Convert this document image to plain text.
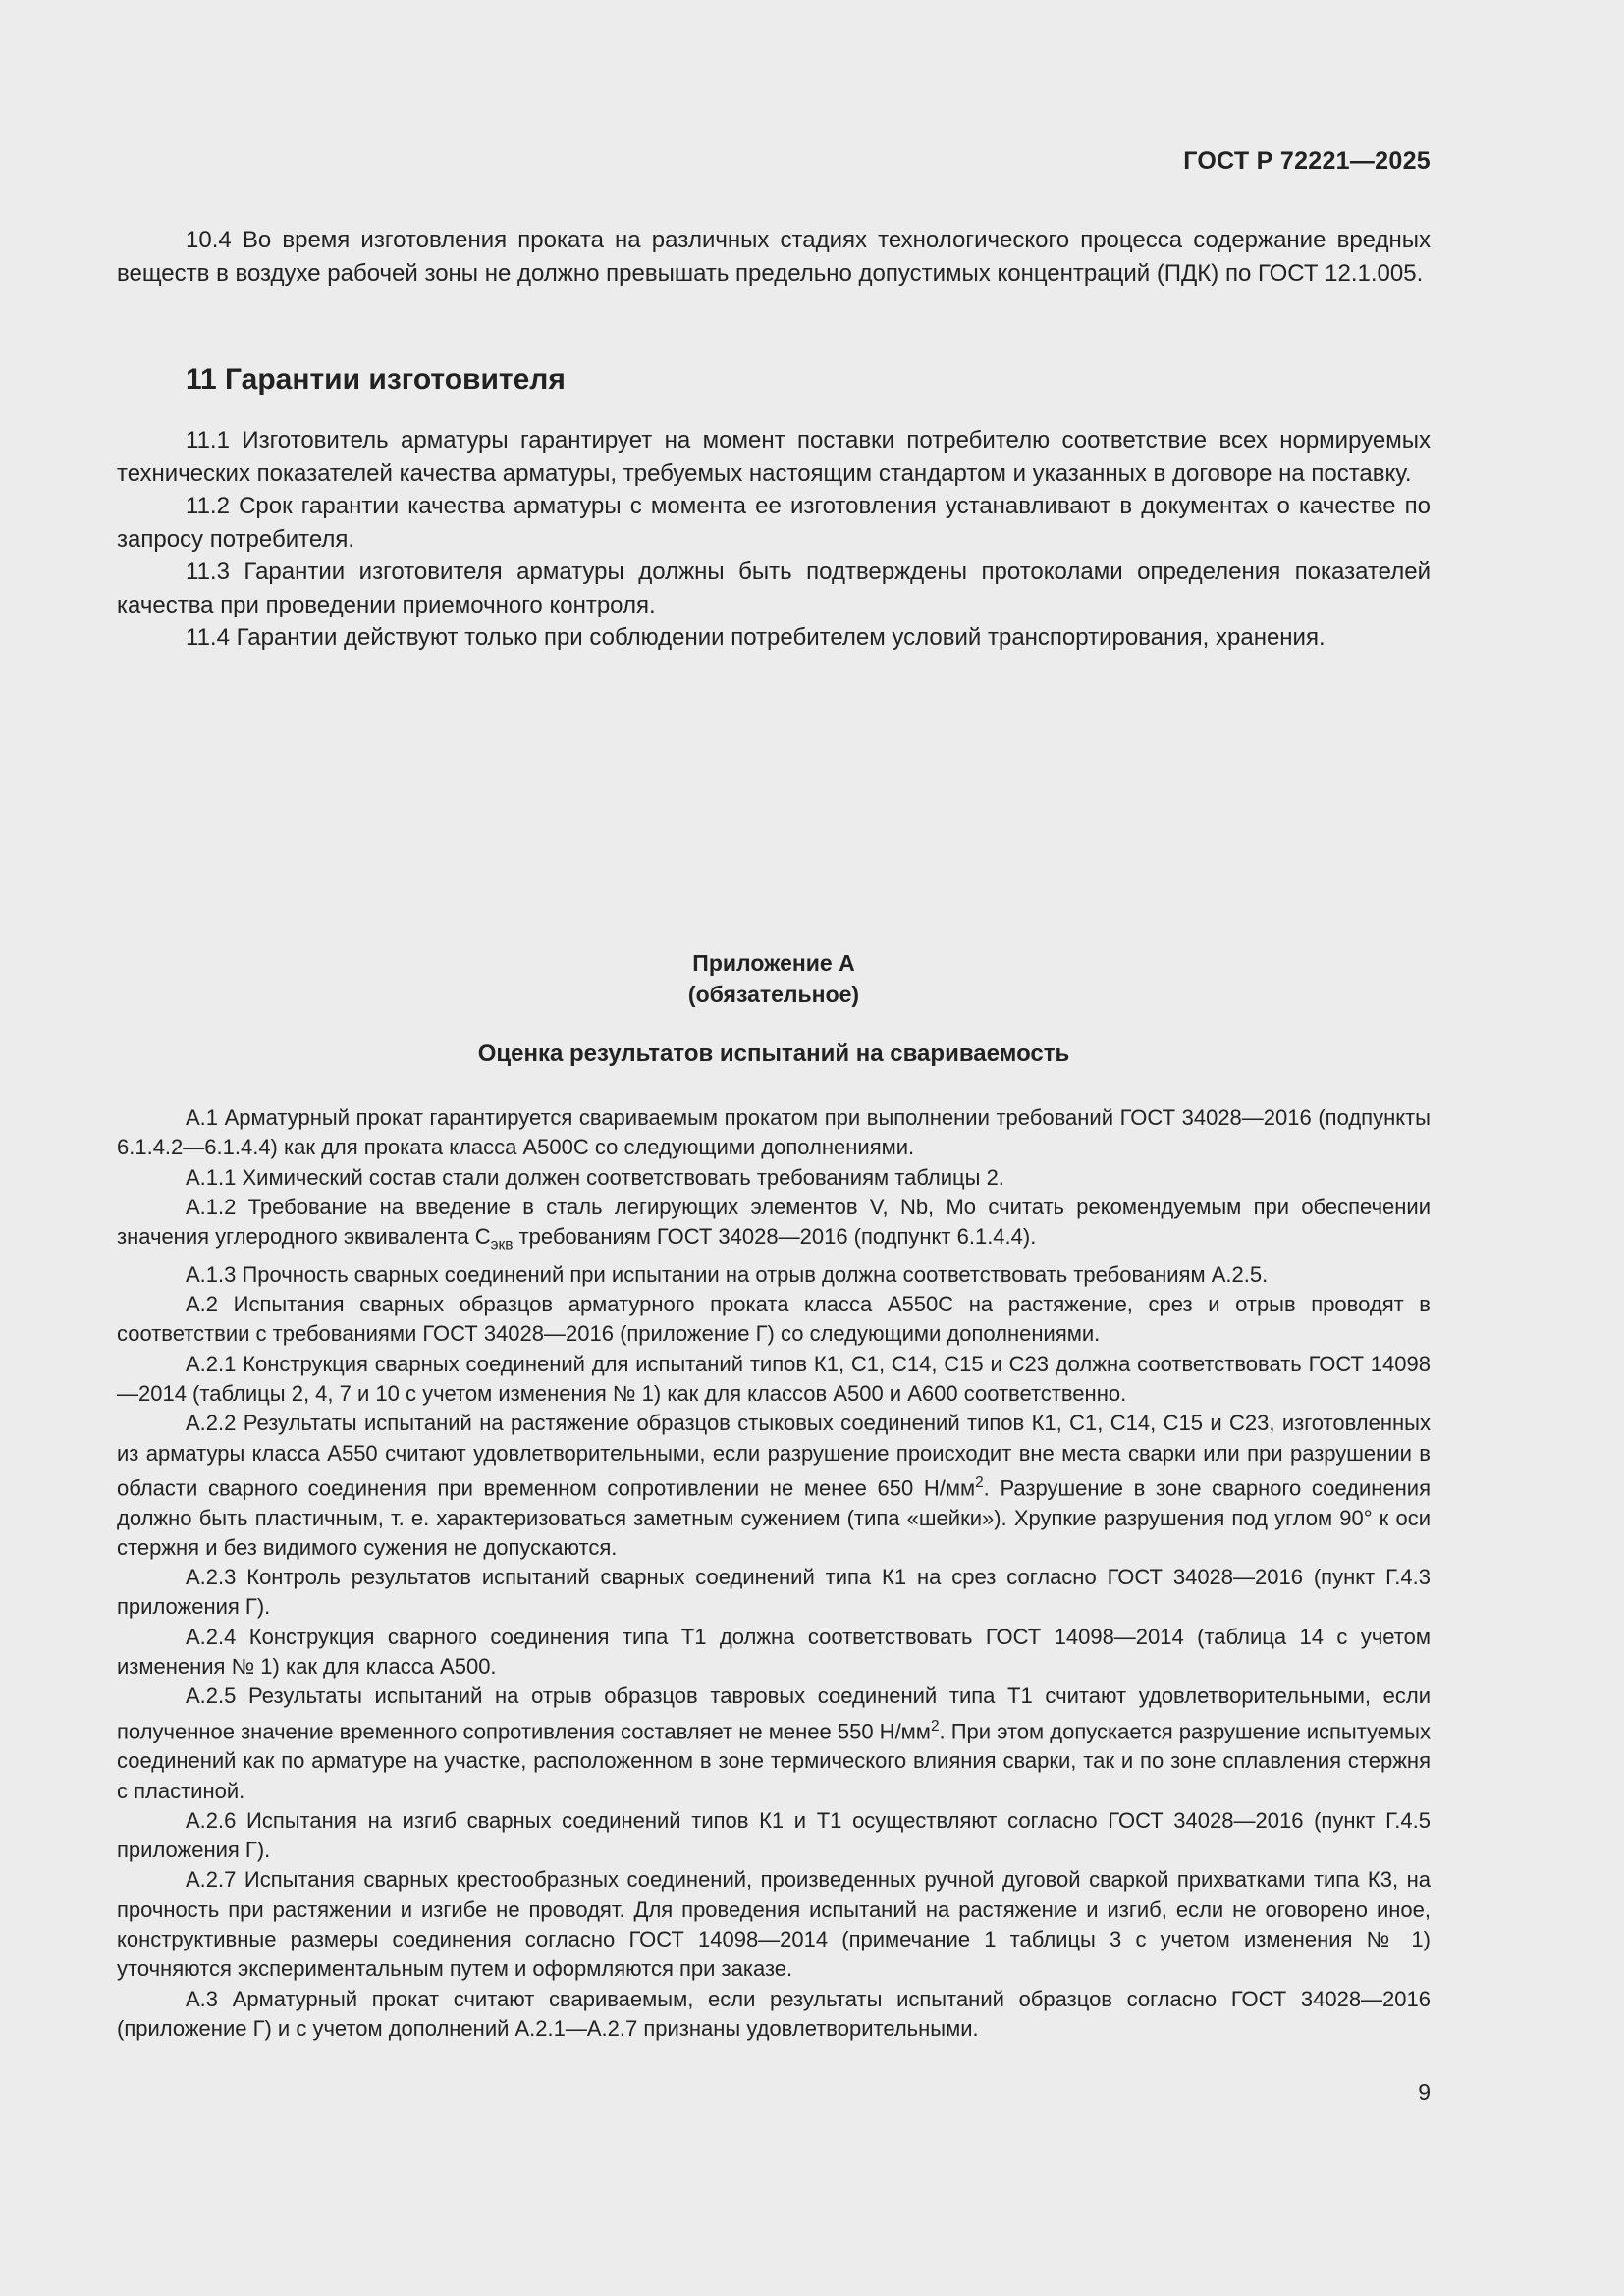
ГОСТ Р 72221—2025

10.4 Во время изготовления проката на различных стадиях технологического процесса содержание вредных веществ в воздухе рабочей зоны не должно превышать предельно допустимых концентраций (ПДК) по ГОСТ 12.1.005.

11 Гарантии изготовителя

11.1 Изготовитель арматуры гарантирует на момент поставки потребителю соответствие всех нормируемых технических показателей качества арматуры, требуемых настоящим стандартом и указанных в договоре на поставку.

11.2 Срок гарантии качества арматуры с момента ее изготовления устанавливают в документах о качестве по запросу потребителя.

11.3 Гарантии изготовителя арматуры должны быть подтверждены протоколами определения показателей качества при проведении приемочного контроля.

11.4 Гарантии действуют только при соблюдении потребителем условий транспортирования, хранения.

Приложение А

(обязательное)

Оценка результатов испытаний на свариваемость

А.1 Арматурный прокат гарантируется свариваемым прокатом при выполнении требований ГОСТ 34028—2016 (подпункты 6.1.4.2—6.1.4.4) как для проката класса А500С со следующими дополнениями.

А.1.1 Химический состав стали должен соответствовать требованиям таблицы 2.

А.1.2 Требование на введение в сталь легирующих элементов V, Nb, Mo считать рекомендуемым при обеспечении значения углеродного эквивалента $С_{экв}$ требованиям ГОСТ 34028—2016 (подпункт 6.1.4.4).

А.1.3 Прочность сварных соединений при испытании на отрыв должна соответствовать требованиям А.2.5.

А.2 Испытания сварных образцов арматурного проката класса А550С на растяжение, срез и отрыв проводят в соответствии с требованиями ГОСТ 34028—2016 (приложение Г) со следующими дополнениями.

А.2.1 Конструкция сварных соединений для испытаний типов К1, С1, С14, С15 и С23 должна соответствовать ГОСТ 14098—2014 (таблицы 2, 4, 7 и 10 с учетом изменения № 1) как для классов А500 и А600 соответственно.

А.2.2 Результаты испытаний на растяжение образцов стыковых соединений типов К1, С1, С14, С15 и С23, изготовленных из арматуры класса А550 считают удовлетворительными, если разрушение происходит вне места сварки или при разрушении в области сварного соединения при временном сопротивлении не менее 650 $Н/мм^2$. Разрушение в зоне сварного соединения должно быть пластичным, т. е. характеризоваться заметным сужением (типа «шейки»). Хрупкие разрушения под углом 90° к оси стержня и без видимого сужения не допускаются.

А.2.3 Контроль результатов испытаний сварных соединений типа К1 на срез согласно ГОСТ 34028—2016 (пункт Г.4.3 приложения Г).

А.2.4 Конструкция сварного соединения типа Т1 должна соответствовать ГОСТ 14098—2014 (таблица 14 с учетом изменения № 1) как для класса А500.

А.2.5 Результаты испытаний на отрыв образцов тавровых соединений типа Т1 считают удовлетворительными, если полученное значение временного сопротивления составляет не менее 550 $Н/мм^2$. При этом допускается разрушение испытуемых соединений как по арматуре на участке, расположенном в зоне термического влияния сварки, так и по зоне сплавления стержня с пластиной.

А.2.6 Испытания на изгиб сварных соединений типов К1 и Т1 осуществляют согласно ГОСТ 34028—2016 (пункт Г.4.5 приложения Г).

А.2.7 Испытания сварных крестообразных соединений, произведенных ручной дуговой сваркой прихватками типа К3, на прочность при растяжении и изгибе не проводят. Для проведения испытаний на растяжение и изгиб, если не оговорено иное, конструктивные размеры соединения согласно ГОСТ 14098—2014 (примечание 1 таблицы 3 с учетом изменения № 1) уточняются экспериментальным путем и оформляются при заказе.

А.3 Арматурный прокат считают свариваемым, если результаты испытаний образцов согласно ГОСТ 34028—2016 (приложение Г) и с учетом дополнений А.2.1—А.2.7 признаны удовлетворительными.

9
